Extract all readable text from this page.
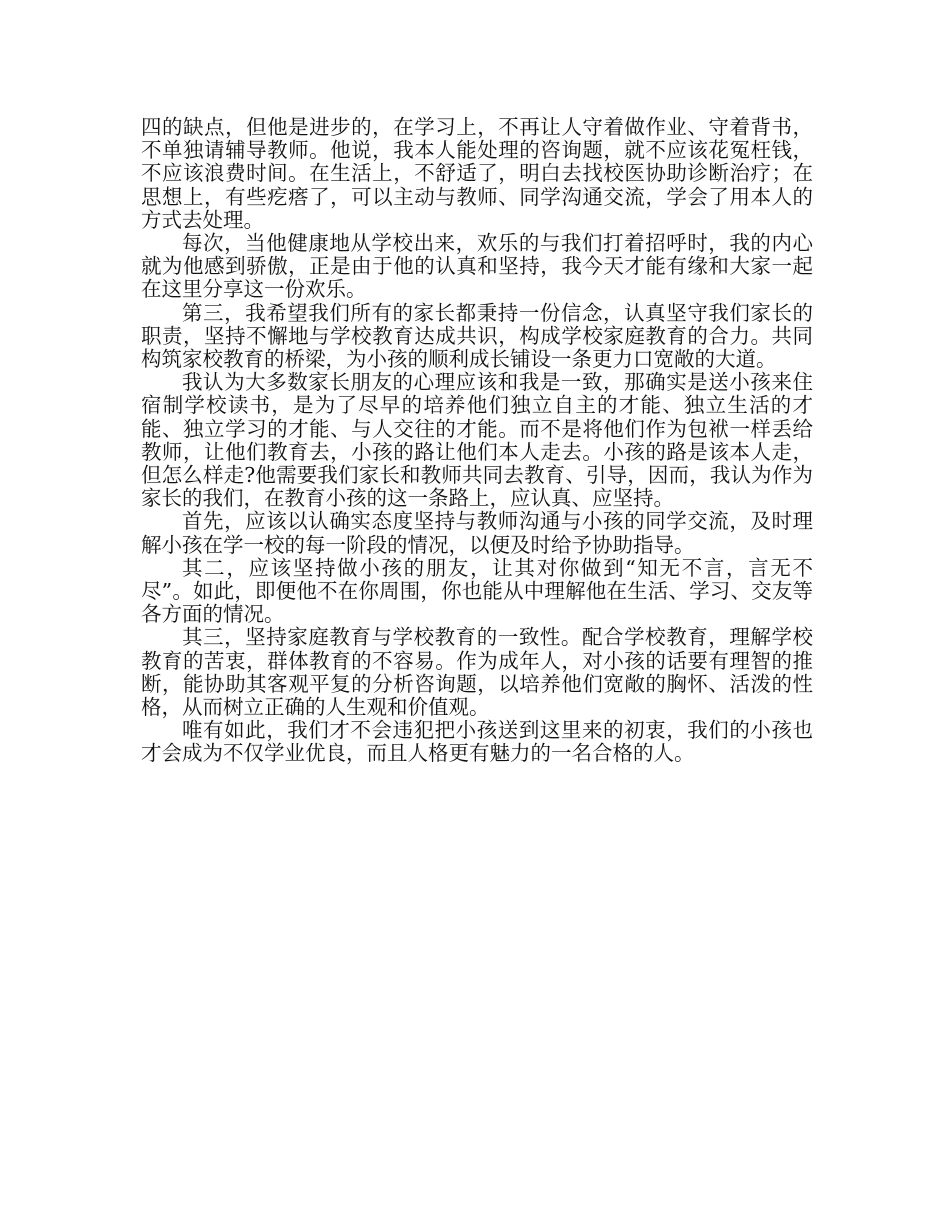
四的缺点，但他是进步的，在学习上，不再让人守着做作业、守着背书，不单独请辅导教师。他说，我本人能处理的咨询题，就不应该花冤枉钱，不应该浪费时间。在生活上，不舒适了，明白去找校医协助诊断治疗；在思想上，有些疙瘩了，可以主动与教师、同学沟通交流，学会了用本人的方式去处理。

每次，当他健康地从学校出来，欢乐的与我们打着招呼时，我的内心就为他感到骄傲，正是由于他的认真和坚持，我今天才能有缘和大家一起在这里分享这一份欢乐。

第三，我希望我们所有的家长都秉持一份信念，认真坚守我们家长的职责，坚持不懈地与学校教育达成共识，构成学校家庭教育的合力。共同构筑家校教育的桥梁，为小孩的顺利成长铺设一条更力口宽敞的大道。

我认为大多数家长朋友的心理应该和我是一致，那确实是送小孩来住宿制学校读书，是为了尽早的培养他们独立自主的才能、独立生活的才能、独立学习的才能、与人交往的才能。而不是将他们作为包袱一样丢给教师，让他们教育去，小孩的路让他们本人走去。小孩的路是该本人走，但怎么样走?他需要我们家长和教师共同去教育、引导，因而，我认为作为家长的我们，在教育小孩的这一条路上，应认真、应坚持。

首先，应该以认确实态度坚持与教师沟通与小孩的同学交流，及时理解小孩在学一校的每一阶段的情况，以便及时给予协助指导。

其二，应该坚持做小孩的朋友，让其对你做到“知无不言，言无不尽”。如此，即便他不在你周围，你也能从中理解他在生活、学习、交友等各方面的情况。

其三，坚持家庭教育与学校教育的一致性。配合学校教育，理解学校教育的苦衷，群体教育的不容易。作为成年人，对小孩的话要有理智的推断，能协助其客观平复的分析咨询题，以培养他们宽敞的胸怀、活泼的性格，从而树立正确的人生观和价值观。

唯有如此，我们才不会违犯把小孩送到这里来的初衷，我们的小孩也才会成为不仅学业优良，而且人格更有魅力的一名合格的人。
